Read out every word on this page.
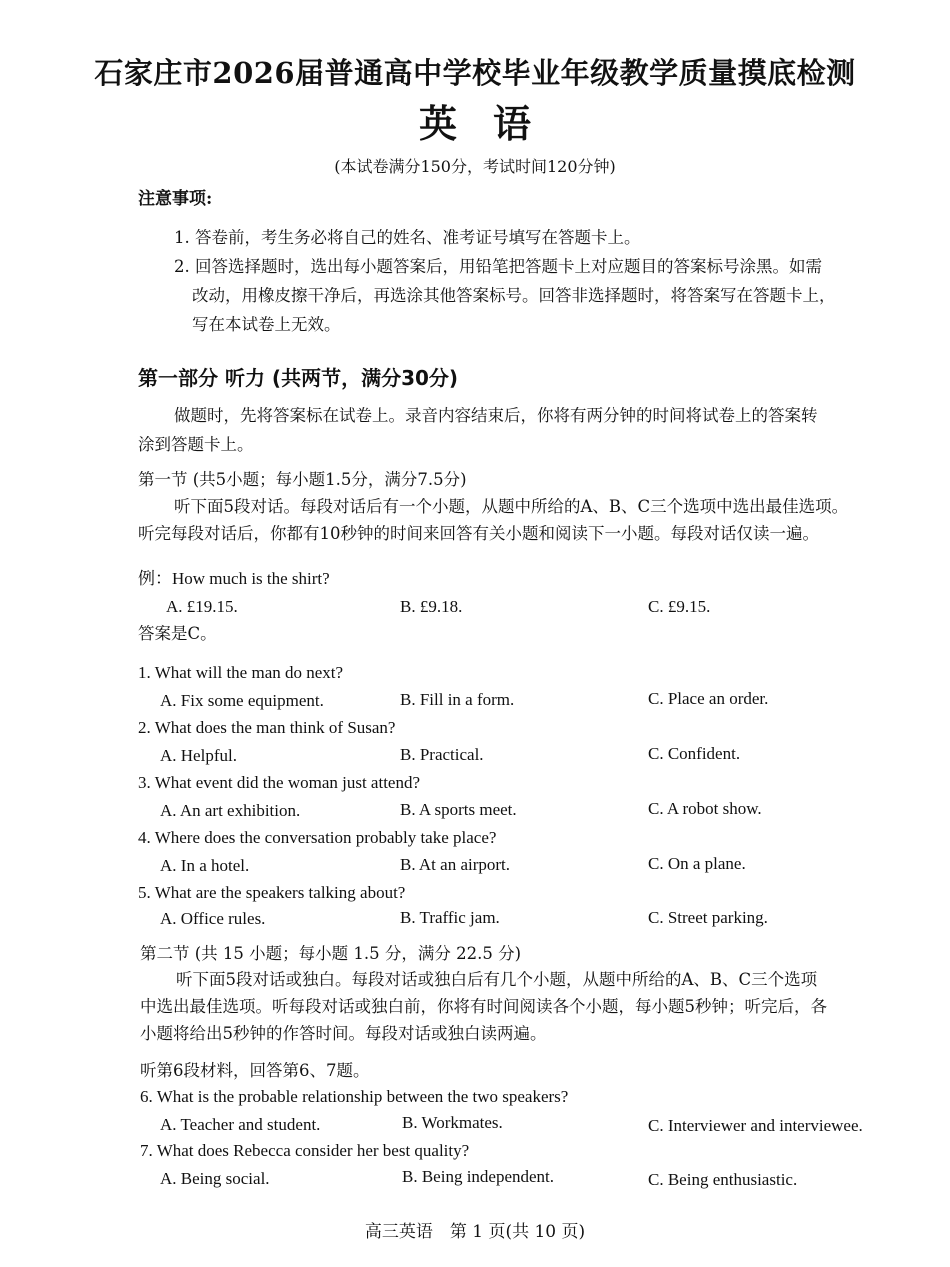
石家庄市2026届普通高中学校毕业年级教学质量摸底检测
英语
(本试卷满分150分，考试时间120分钟)
注意事项:
1. 答卷前，考生务必将自己的姓名、准考证号填写在答题卡上。
2. 回答选择题时，选出每小题答案后，用铅笔把答题卡上对应题目的答案标号涂黑。如需
改动，用橡皮擦干净后，再选涂其他答案标号。回答非选择题时，将答案写在答题卡上，
写在本试卷上无效。
第一部分 听力 (共两节，满分30分)
做题时，先将答案标在试卷上。录音内容结束后，你将有两分钟的时间将试卷上的答案转
涂到答题卡上。
第一节 (共5小题；每小题1.5分，满分7.5分)
听下面5段对话。每段对话后有一个小题，从题中所给的A、B、C三个选项中选出最佳选项。
听完每段对话后，你都有10秒钟的时间来回答有关小题和阅读下一小题。每段对话仅读一遍。
例：How much is the shirt?
A. £19.15.	B. £9.18.	C. £9.15.
答案是C。
1. What will the man do next?
A. Fix some equipment.	B. Fill in a form.	C. Place an order.
2. What does the man think of Susan?
A. Helpful.	B. Practical.	C. Confident.
3. What event did the woman just attend?
A. An art exhibition.	B. A sports meet.	C. A robot show.
4. Where does the conversation probably take place?
A. In a hotel.	B. At an airport.	C. On a plane.
5. What are the speakers talking about?
A. Office rules.	B. Traffic jam.	C. Street parking.
第二节 (共 15 小题；每小题 1.5 分，满分 22.5 分)
听下面5段对话或独白。每段对话或独白后有几个小题，从题中所给的A、B、C三个选项
中选出最佳选项。听每段对话或独白前，你将有时间阅读各个小题，每小题5秒钟；听完后，各
小题将给出5秒钟的作答时间。每段对话或独白读两遍。
听第6段材料，回答第6、7题。
6. What is the probable relationship between the two speakers?
A. Teacher and student.	B. Workmates.	C. Interviewer and interviewee.
7. What does Rebecca consider her best quality?
A. Being social.	B. Being independent.	C. Being enthusiastic.
高三英语　第 1 页(共 10 页)
